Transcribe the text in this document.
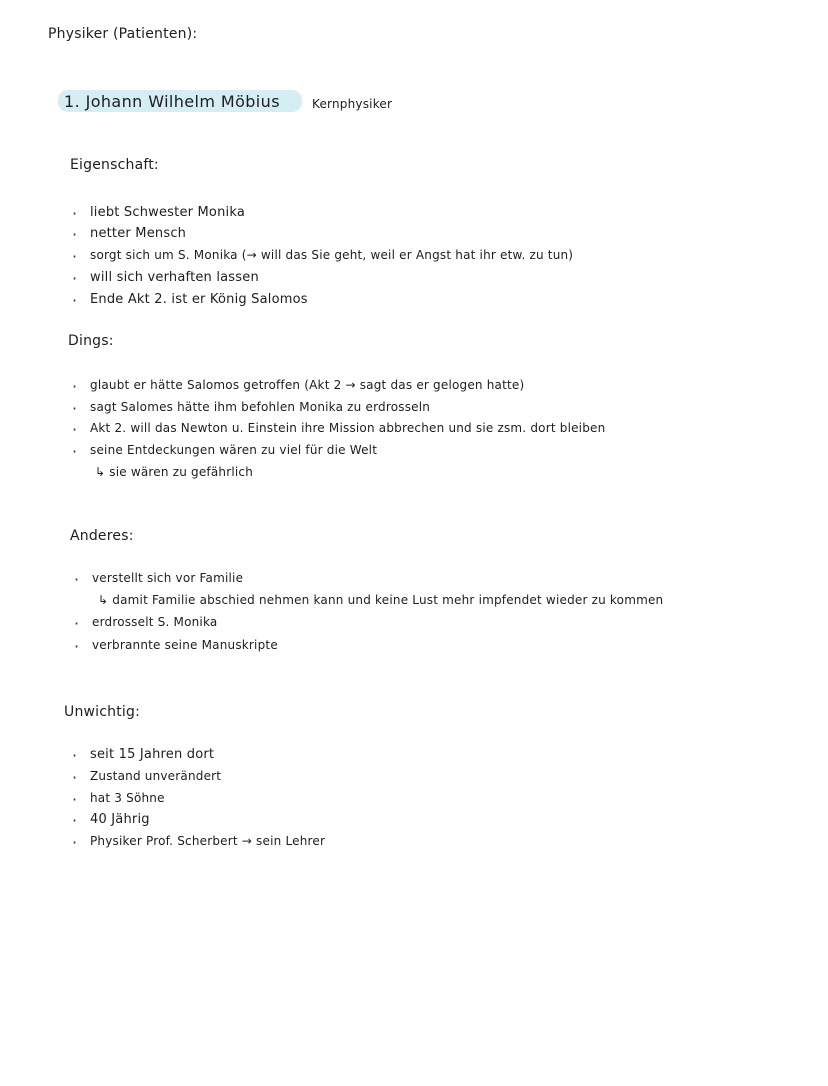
Physiker (Patienten):
1. Johann Wilhelm Möbius	Kernphysiker
Eigenschaft:
· liebt Schwester Monika
· netter Mensch
· sorgt sich um S. Monika (→ will das Sie geht, weil er Angst hat ihr etw. zu tun)
· will sich verhaften lassen
· Ende Akt 2. ist er König Salomos
Dings:
· glaubt er hätte Salomos getroffen (Akt 2 → sagt das er gelogen hatte)
· sagt Salomes hätte ihm befohlen Monika zu erdrosseln
· Akt 2. will das Newton u. Einstein ihre Mission abbrechen und sie zsm. dort bleiben
· seine Entdeckungen wären zu viel für die Welt
↳ sie wären zu gefährlich
Anderes:
· verstellt sich vor Familie
↳ damit Familie abschied nehmen kann und keine Lust mehr impfendet wieder zu kommen
· erdrosselt S. Monika
· verbrannte seine Manuskripte
Unwichtig:
· seit 15 Jahren dort
· Zustand unverändert
· hat 3 Söhne
· 40 Jährig
· Physiker Prof. Scherbert → sein Lehrer
